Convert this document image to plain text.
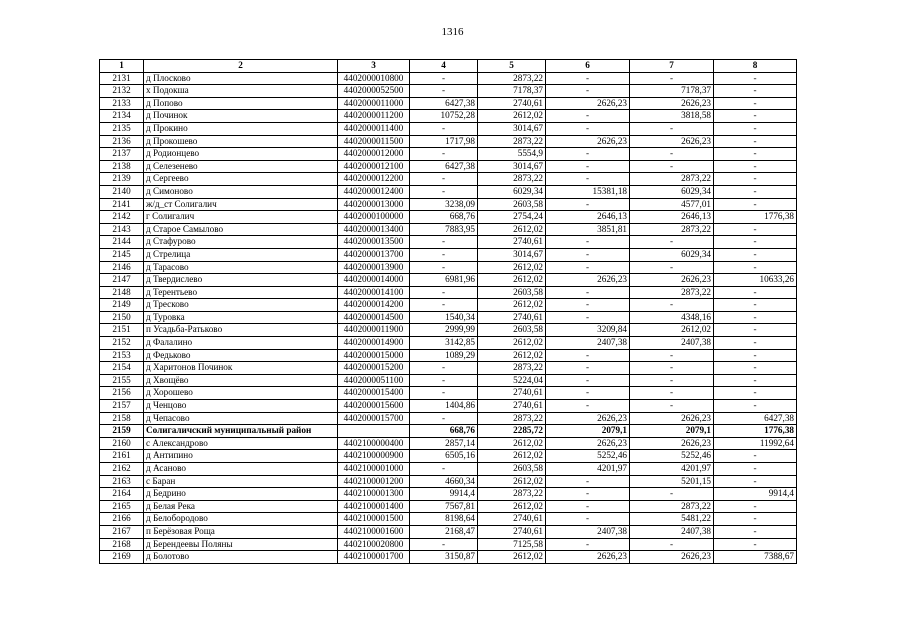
1316
1	2	3	4	5	6	7	8
2131	д Плосково	4402000010800	-	2873,22	-	-	-
2132	х Подокша	4402000052500	-	7178,37	-	7178,37	-
2133	д Попово	4402000011000	6427,38	2740,61	2626,23	2626,23	-
2134	д Починок	4402000011200	10752,28	2612,02	-	3818,58	-
2135	д Прокино	4402000011400	-	3014,67	-	-	-
2136	д Прокошево	4402000011500	1717,98	2873,22	2626,23	2626,23	-
2137	д Родионцево	4402000012000	-	5554,9	-	-	-
2138	д Селезенево	4402000012100	6427,38	3014,67	-	-	-
2139	д Сергеево	4402000012200	-	2873,22	-	2873,22	-
2140	д Симоново	4402000012400	-	6029,34	15381,18	6029,34	-
2141	ж/д_ст Солигалич	4402000013000	3238,09	2603,58	-	4577,01	-
2142	г Солигалич	4402000100000	668,76	2754,24	2646,13	2646,13	1776,38
2143	д Старое Самылово	4402000013400	7883,95	2612,02	3851,81	2873,22	-
2144	д Стафурово	4402000013500	-	2740,61	-	-	-
2145	д Стрелица	4402000013700	-	3014,67	-	6029,34	-
2146	д Тарасово	4402000013900	-	2612,02	-	-	-
2147	д Твердислево	4402000014000	6981,96	2612,02	2626,23	2626,23	10633,26
2148	д Терентьево	4402000014100	-	2603,58	-	2873,22	-
2149	д Тресково	4402000014200	-	2612,02	-	-	-
2150	д Туровка	4402000014500	1540,34	2740,61	-	4348,16	-
2151	п Усадьба-Ратьково	4402000011900	2999,99	2603,58	3209,84	2612,02	-
2152	д Фалалино	4402000014900	3142,85	2612,02	2407,38	2407,38	-
2153	д Федьково	4402000015000	1089,29	2612,02	-	-	-
2154	д Харитонов Починок	4402000015200	-	2873,22	-	-	-
2155	д Хвощёво	4402000051100	-	5224,04	-	-	-
2156	д Хорошево	4402000015400	-	2740,61	-	-	-
2157	д Ченцово	4402000015600	1404,86	2740,61	-	-	-
2158	д Чепасово	4402000015700	-	2873,22	2626,23	2626,23	6427,38
2159	Солигаличский муниципальный район		668,76	2285,72	2079,1	2079,1	1776,38
2160	с Александрово	4402100000400	2857,14	2612,02	2626,23	2626,23	11992,64
2161	д Антипино	4402100000900	6505,16	2612,02	5252,46	5252,46	-
2162	д Асаново	4402100001000	-	2603,58	4201,97	4201,97	-
2163	с Баран	4402100001200	4660,34	2612,02	-	5201,15	-
2164	д Бедрино	4402100001300	9914,4	2873,22	-	-	9914,4
2165	д Белая Река	4402100001400	7567,81	2612,02	-	2873,22	-
2166	д Белобородово	4402100001500	8198,64	2740,61	-	5481,22	-
2167	п Берёзовая Роща	4402100001600	2168,47	2740,61	2407,38	2407,38	-
2168	д Берендеевы Поляны	4402100020800	-	7125,58	-	-	-
2169	д Болотово	4402100001700	3150,87	2612,02	2626,23	2626,23	7388,67
